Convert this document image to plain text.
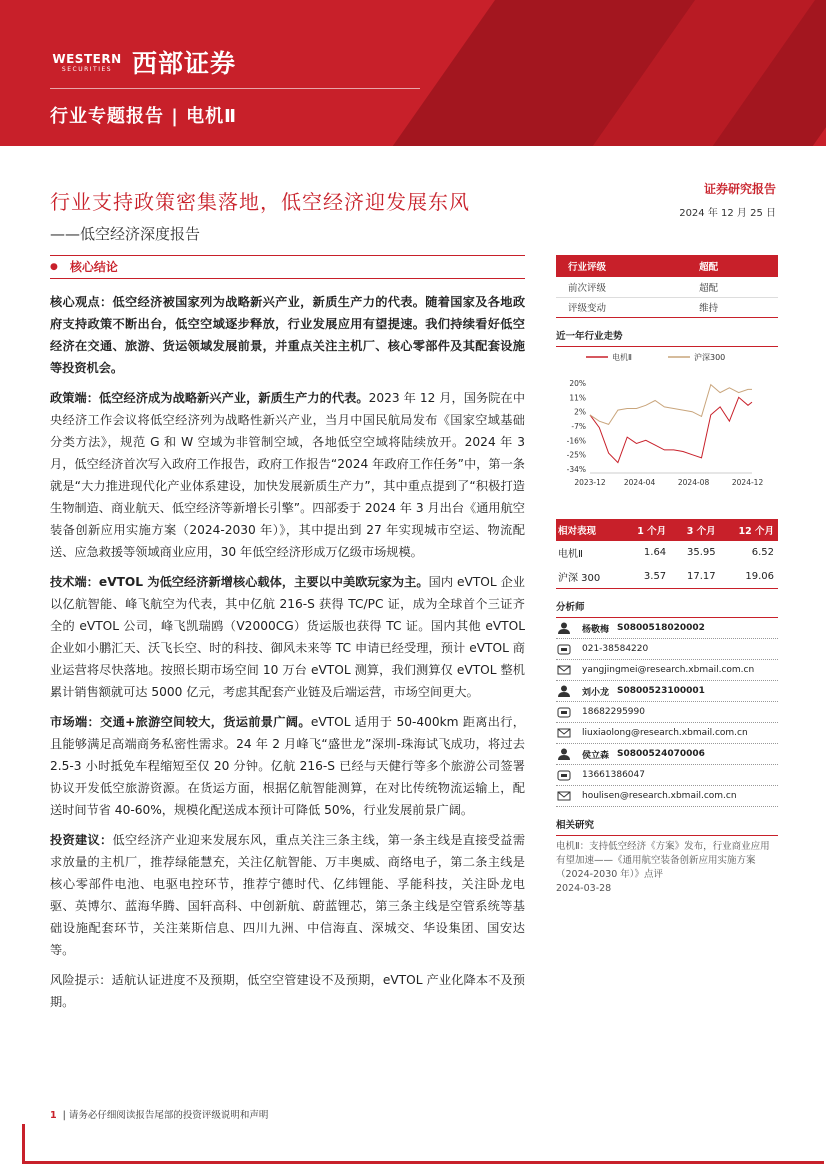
WESTERN
SECURITIES 西部证券
行业专题报告 | 电机Ⅱ
行业支持政策密集落地，低空经济迎发展东风
——低空经济深度报告
证券研究报告
2024 年 12 月 25 日
● 核心结论
核心观点：低空经济被国家列为战略新兴产业，新质生产力的代表。随着国家及各地政府支持政策不断出台，低空空域逐步释放，行业发展应用有望提速。我们持续看好低空经济在交通、旅游、货运领域发展前景，并重点关注主机厂、核心零部件及其配套设施等投资机会。
政策端：低空经济成为战略新兴产业，新质生产力的代表。2023 年 12 月，国务院在中央经济工作会议将低空经济列为战略性新兴产业，当月中国民航局发布《国家空域基础分类方法》，规范 G 和 W 空域为非管制空域，各地低空空域将陆续放开。2024 年 3 月，低空经济首次写入政府工作报告，政府工作报告“2024 年政府工作任务”中，第一条就是“大力推进现代化产业体系建设，加快发展新质生产力”，其中重点提到了“积极打造生物制造、商业航天、低空经济等新增长引擎”。四部委于 2024 年 3 月出台《通用航空装备创新应用实施方案（2024-2030 年）》，其中提出到 27 年实现城市空运、物流配送、应急救援等领域商业应用，30 年低空经济形成万亿级市场规模。
技术端：eVTOL 为低空经济新增核心载体，主要以中美欧玩家为主。国内 eVTOL 企业以亿航智能、峰飞航空为代表，其中亿航 216-S 获得 TC/PC 证，成为全球首个三证齐全的 eVTOL 公司，峰飞凯瑞鸥（V2000CG）货运版也获得 TC 证。国内其他 eVTOL 企业如小鹏汇天、沃飞长空、时的科技、御风未来等 TC 申请已经受理，预计 eVTOL 商业运营将尽快落地。按照长期市场空间 10 万台 eVTOL 测算，我们测算仅 eVTOL 整机累计销售额就可达 5000 亿元，考虑其配套产业链及后端运营，市场空间更大。
市场端：交通+旅游空间较大，货运前景广阔。eVTOL 适用于 50-400km 距离出行，且能够满足高端商务私密性需求。24 年 2 月峰飞“盛世龙”深圳-珠海试飞成功，将过去 2.5-3 小时抵免车程缩短至仅 20 分钟。亿航 216-S 已经与天健行等多个旅游公司签署协议开发低空旅游资源。在货运方面，根据亿航智能测算，在对比传统物流运输上，配送时间节省 40-60%，规模化配送成本预计可降低 50%，行业发展前景广阔。
投资建议：低空经济产业迎来发展东风，重点关注三条主线，第一条主线是直接受益需求放量的主机厂，推荐绿能慧充，关注亿航智能、万丰奥威、商络电子，第二条主线是核心零部件电池、电驱电控环节，推荐宁德时代、亿纬锂能、孚能科技，关注卧龙电驱、英博尔、蓝海华腾、国轩高科、中创新航、蔚蓝锂芯，第三条主线是空管系统等基础设施配套环节，关注莱斯信息、四川九洲、中信海直、深城交、华设集团、国安达等。
风险提示：适航认证进度不及预期，低空空管建设不及预期，eVTOL 产业化降本不及预期。
行业评级	超配
前次评级	超配
评级变动	维持
近一年行业走势
电机Ⅱ	沪深300
20%
11%
2%
-7%
-16%
-25%
-34%
2023-12 2024-04	2024-08	2024-12
相对表现	1 个月	3 个月	12 个月
电机Ⅱ	1.64	35.95	6.52
沪深 300	3.57	17.17	19.06
分析师
杨敬梅 S0800518020002
021-38584220
yangjingmei@research.xbmail.com.cn
刘小龙 S0800523100001
18682295990
liuxiaolong@research.xbmail.com.cn
侯立森 S0800524070006
13661386047
houlisen@research.xbmail.com.cn
相关研究
电机Ⅱ：支持低空经济《方案》发布，行业商业应用有望加速——《通用航空装备创新应用实施方案（2024-2030 年）》点评
2024-03-28
1 | 请务必仔细阅读报告尾部的投资评级说明和声明
